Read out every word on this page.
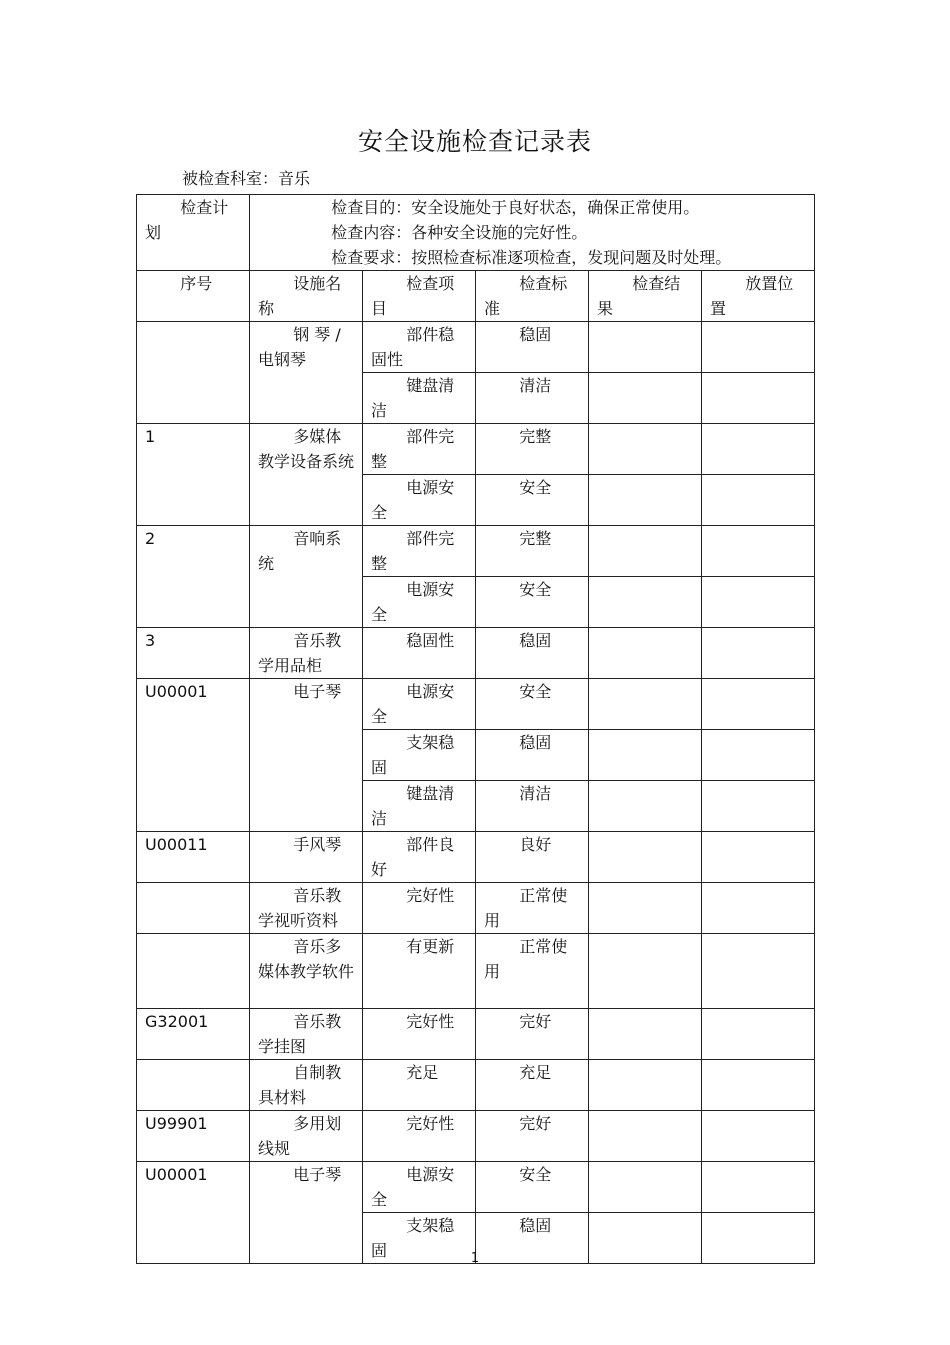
安全设施检查记录表
被检查科室：音乐
检查计划	检查目的：安全设施处于良好状态，确保正常使用。
检查内容：各种安全设施的完好性。
检查要求：按照检查标准逐项检查，发现问题及时处理。				

序号	设施名称	检查项目	检查标准	检查结果	放置位置
	钢 琴 / 电钢琴	部件稳固性	稳固		
		键盘清洁	清洁		
1	多媒体教学设备系统	部件完整	完整		
		电源安全	安全		
2	音响系统	部件完整	完整		
		电源安全	安全		
3	音乐教学用品柜	稳固性	稳固		
U00001	电子琴	电源安全	安全		
		支架稳固	稳固		
		键盘清洁	清洁		
U00011	手风琴	部件良好	良好		
	音乐教学视听资料	完好性	正常使用		
	音乐多媒体教学软件	有更新	正常使用		
G32001	音乐教学挂图	完好性	完好		
	自制教具材料	充足	充足		
U99901	多用划线规	完好性	完好		
U00001	电子琴	电源安全	安全		
		支架稳固	稳固		
1
